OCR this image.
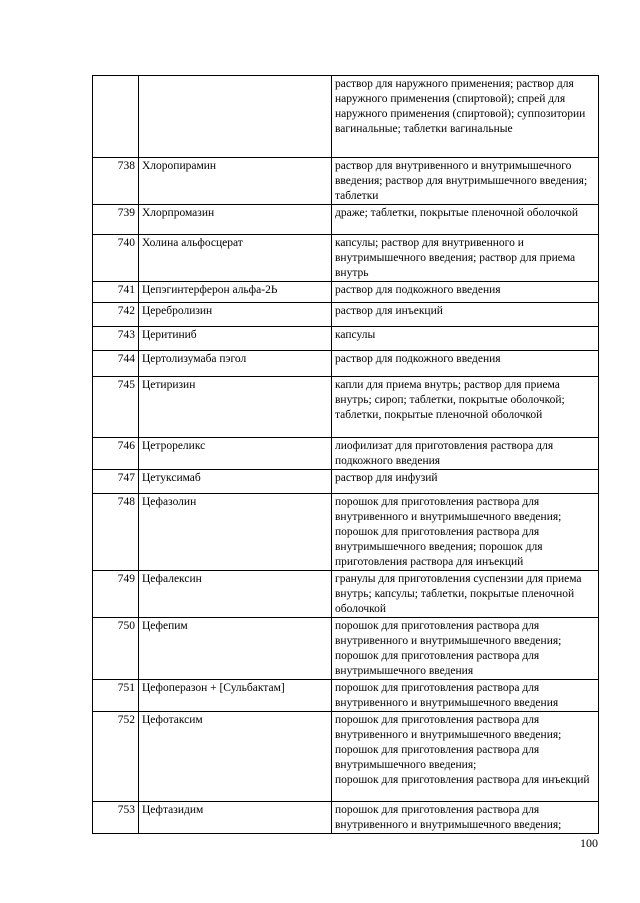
		раствор для наружного применения; раствор для наружного применения (спиртовой); спрей для наружного применения (спиртовой); суппозитории вагинальные; таблетки вагинальные
738	Хлоропирамин	раствор для внутривенного и внутримышечного введения; раствор для внутримышечного введения; таблетки
739	Хлорпромазин	драже; таблетки, покрытые пленочной оболочкой
740	Холина альфосцерат	капсулы; раствор для внутривенного и внутримышечного введения; раствор для приема внутрь
741	Цепэгинтерферон альфа-2Ь	раствор для подкожного введения
742	Церебролизин	раствор для инъекций
743	Церитиниб	капсулы
744	Цертолизумаба пэгол	раствор для подкожного введения
745	Цетиризин	капли для приема внутрь; раствор для приема внутрь; сироп; таблетки, покрытые оболочкой; таблетки, покрытые пленочной оболочкой
746	Цетрореликс	лиофилизат для приготовления раствора для подкожного введения
747	Цетуксимаб	раствор для инфузий
748	Цефазолин	порошок для приготовления раствора для внутривенного и внутримышечного введения; порошок для приготовления раствора для внутримышечного введения; порошок для приготовления раствора для инъекций
749	Цефалексин	гранулы для приготовления суспензии для приема внутрь; капсулы; таблетки, покрытые пленочной оболочкой
750	Цефепим	порошок для приготовления раствора для внутривенного и внутримышечного введения; порошок для приготовления раствора для внутримышечного введения
751	Цефоперазон + [Сульбактам]	порошок для приготовления раствора для внутривенного и внутримышечного введения
752	Цефотаксим	порошок для приготовления раствора для внутривенного и внутримышечного введения;
порошок для приготовления раствора для внутримышечного введения;
порошок для приготовления раствора для инъекций
753	Цефтазидим	порошок для приготовления раствора для внутривенного и внутримышечного введения;
100
